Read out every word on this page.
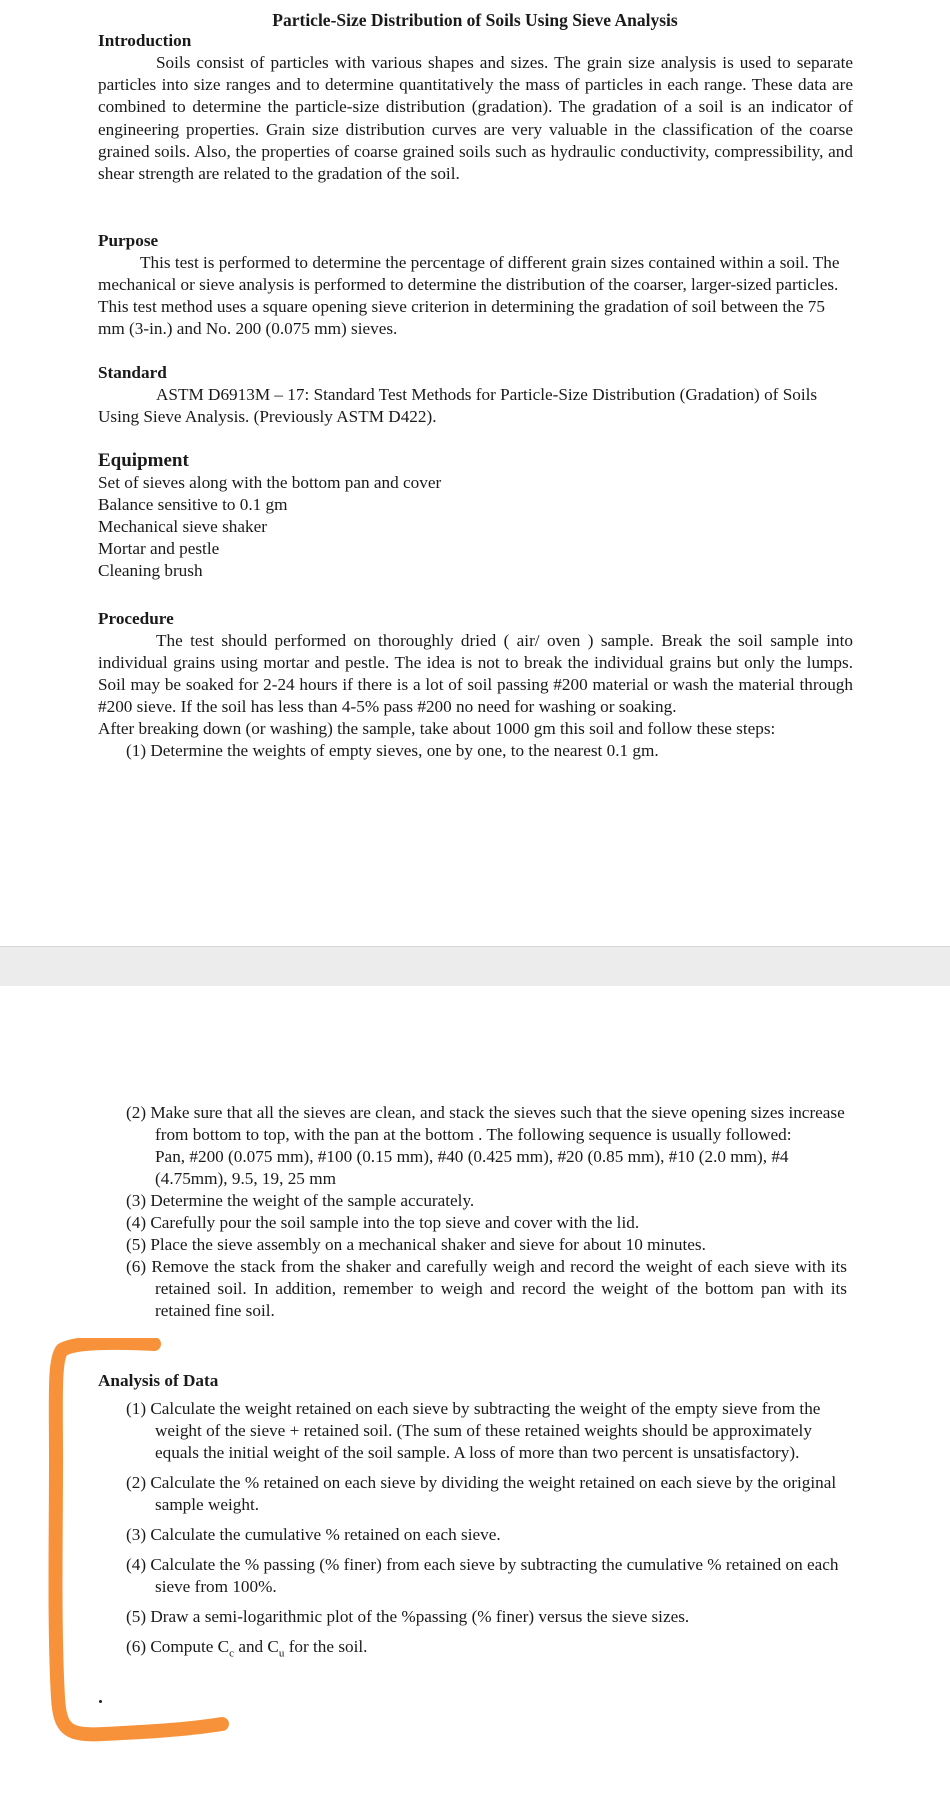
Particle-Size Distribution of Soils Using Sieve Analysis
Introduction

Soils consist of particles with various shapes and sizes. The grain size analysis is used to separate particles into size ranges and to determine quantitatively the mass of particles in each range. These data are combined to determine the particle-size distribution (gradation). The gradation of a soil is an indicator of engineering properties. Grain size distribution curves are very valuable in the classification of the coarse grained soils. Also, the properties of coarse grained soils such as hydraulic conductivity, compressibility, and shear strength are related to the gradation of the soil.

Purpose

This test is performed to determine the percentage of different grain sizes contained within a soil. The mechanical or sieve analysis is performed to determine the distribution of the coarser, larger-sized particles. This test method uses a square opening sieve criterion in determining the gradation of soil between the 75 mm (3-in.) and No. 200 (0.075 mm) sieves.

Standard

ASTM D6913M – 17: Standard Test Methods for Particle-Size Distribution (Gradation) of Soils Using Sieve Analysis. (Previously ASTM D422).

Equipment
Set of sieves along with the bottom pan and cover
Balance sensitive to 0.1 gm
Mechanical sieve shaker
Mortar and pestle
Cleaning brush
Procedure

The test should performed on thoroughly dried ( air/ oven ) sample. Break the soil sample into individual grains using mortar and pestle. The idea is not to break the individual grains but only the lumps. Soil may be soaked for 2-24 hours if there is a lot of soil passing #200 material or wash the material through #200 sieve. If the soil has less than 4-5% pass #200 no need for washing or soaking.

After breaking down (or washing) the sample, take about 1000 gm this soil and follow these steps:

(1) Determine the weights of empty sieves, one by one, to the nearest 0.1 gm.
(2) Make sure that all the sieves are clean, and stack the sieves such that the sieve opening sizes increase from bottom to top, with the pan at the bottom . The following sequence is usually followed:
Pan, #200 (0.075 mm), #100 (0.15 mm), #40 (0.425 mm), #20 (0.85 mm), #10 (2.0 mm), #4 (4.75mm), 9.5, 19, 25 mm
(3) Determine the weight of the sample accurately.
(4) Carefully pour the soil sample into the top sieve and cover with the lid.
(5) Place the sieve assembly on a mechanical shaker and sieve for about 10 minutes.
(6) Remove the stack from the shaker and carefully weigh and record the weight of each sieve with its retained soil. In addition, remember to weigh and record the weight of the bottom pan with its retained fine soil.
Analysis of Data
(1) Calculate the weight retained on each sieve by subtracting the weight of the empty sieve from the weight of the sieve + retained soil. (The sum of these retained weights should be approximately equals the initial weight of the soil sample. A loss of more than two percent is unsatisfactory).
(2) Calculate the % retained on each sieve by dividing the weight retained on each sieve by the original sample weight.
(3) Calculate the cumulative % retained on each sieve.
(4) Calculate the % passing (% finer) from each sieve by subtracting the cumulative % retained on each sieve from 100%.
(5) Draw a semi-logarithmic plot of the %passing (% finer) versus the sieve sizes.
(6) Compute $C_c$ and $C_u$ for the soil.
